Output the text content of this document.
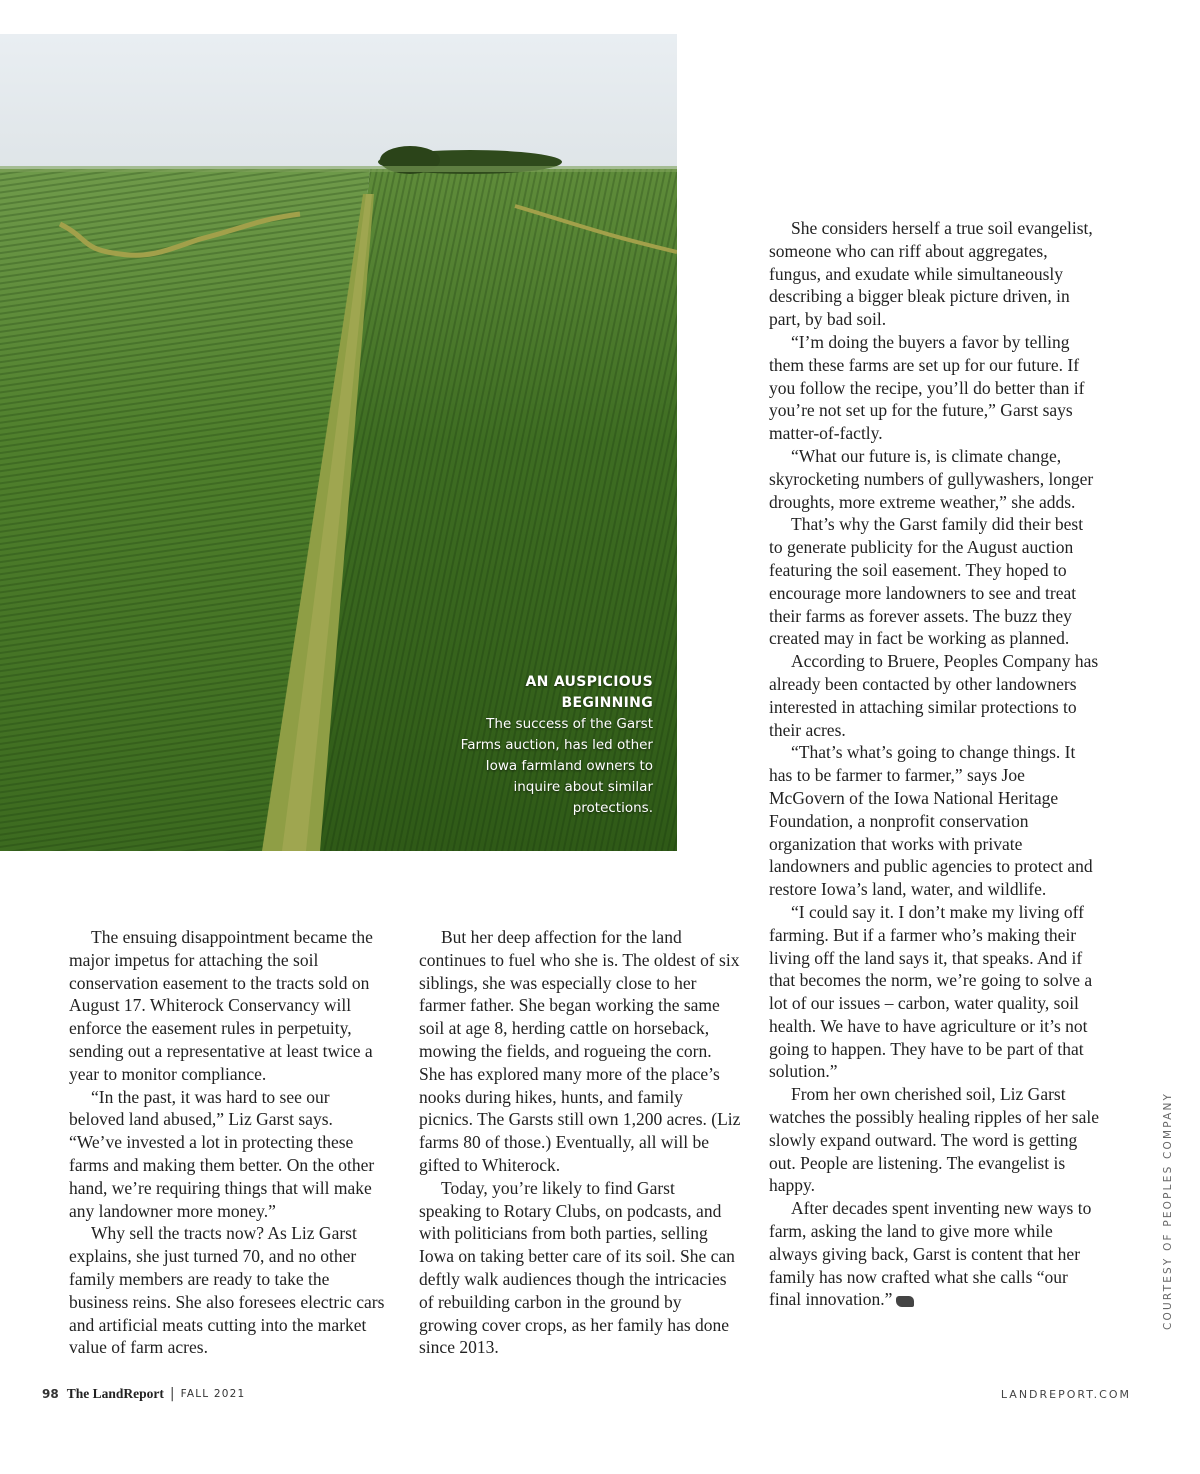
AN AUSPICIOUS BEGINNING
The success of the Garst Farms auction, has led other Iowa farmland owners to inquire about similar protections.

The ensuing disappointment became the major impetus for attaching the soil conservation easement to the tracts sold on August 17. Whiterock Conservancy will enforce the easement rules in perpetuity, sending out a representative at least twice a year to monitor compliance.

“In the past, it was hard to see our beloved land abused,” Liz Garst says. “We’ve invested a lot in protecting these farms and making them better. On the other hand, we’re requiring things that will make any landowner more money.”

Why sell the tracts now? As Liz Garst explains, she just turned 70, and no other family members are ready to take the business reins. She also foresees electric cars and artificial meats cutting into the market value of farm acres.

But her deep affection for the land continues to fuel who she is. The oldest of six siblings, she was especially close to her farmer father. She began working the same soil at age 8, herding cattle on horseback, mowing the fields, and rogueing the corn. She has explored many more of the place’s nooks during hikes, hunts, and family picnics. The Garsts still own 1,200 acres. (Liz farms 80 of those.) Eventually, all will be gifted to Whiterock.

Today, you’re likely to find Garst speaking to Rotary Clubs, on podcasts, and with politicians from both parties, selling Iowa on taking better care of its soil. She can deftly walk audiences though the intricacies of rebuilding carbon in the ground by growing cover crops, as her family has done since 2013.

She considers herself a true soil evangelist, someone who can riff about aggregates, fungus, and exudate while simultaneously describing a bigger bleak picture driven, in part, by bad soil.

“I’m doing the buyers a favor by telling them these farms are set up for our future. If you follow the recipe, you’ll do better than if you’re not set up for the future,” Garst says matter-of-factly.

“What our future is, is climate change, skyrocketing numbers of gullywashers, longer droughts, more extreme weather,” she adds.

That’s why the Garst family did their best to generate publicity for the August auction featuring the soil easement. They hoped to encourage more landowners to see and treat their farms as forever assets. The buzz they created may in fact be working as planned.

According to Bruere, Peoples Company has already been contacted by other landowners interested in attaching similar protections to their acres.

“That’s what’s going to change things. It has to be farmer to farmer,” says Joe McGovern of the Iowa National Heritage Foundation, a nonprofit conservation organization that works with private landowners and public agencies to protect and restore Iowa’s land, water, and wildlife.

“I could say it. I don’t make my living off farming. But if a farmer who’s making their living off the land says it, that speaks. And if that becomes the norm, we’re going to solve a lot of our issues – carbon, water quality, soil health. We have to have agriculture or it’s not going to happen. They have to be part of that solution.”

From her own cherished soil, Liz Garst watches the possibly healing ripples of her sale slowly expand outward. The word is getting out. People are listening. The evangelist is happy.

After decades spent inventing new ways to farm, asking the land to give more while always giving back, Garst is content that her family has now crafted what she calls “our final innovation.”	COURTESY OF PEOPLES COMPANY
98 The LandReport | FALL 2021	LANDREPORT.COM
